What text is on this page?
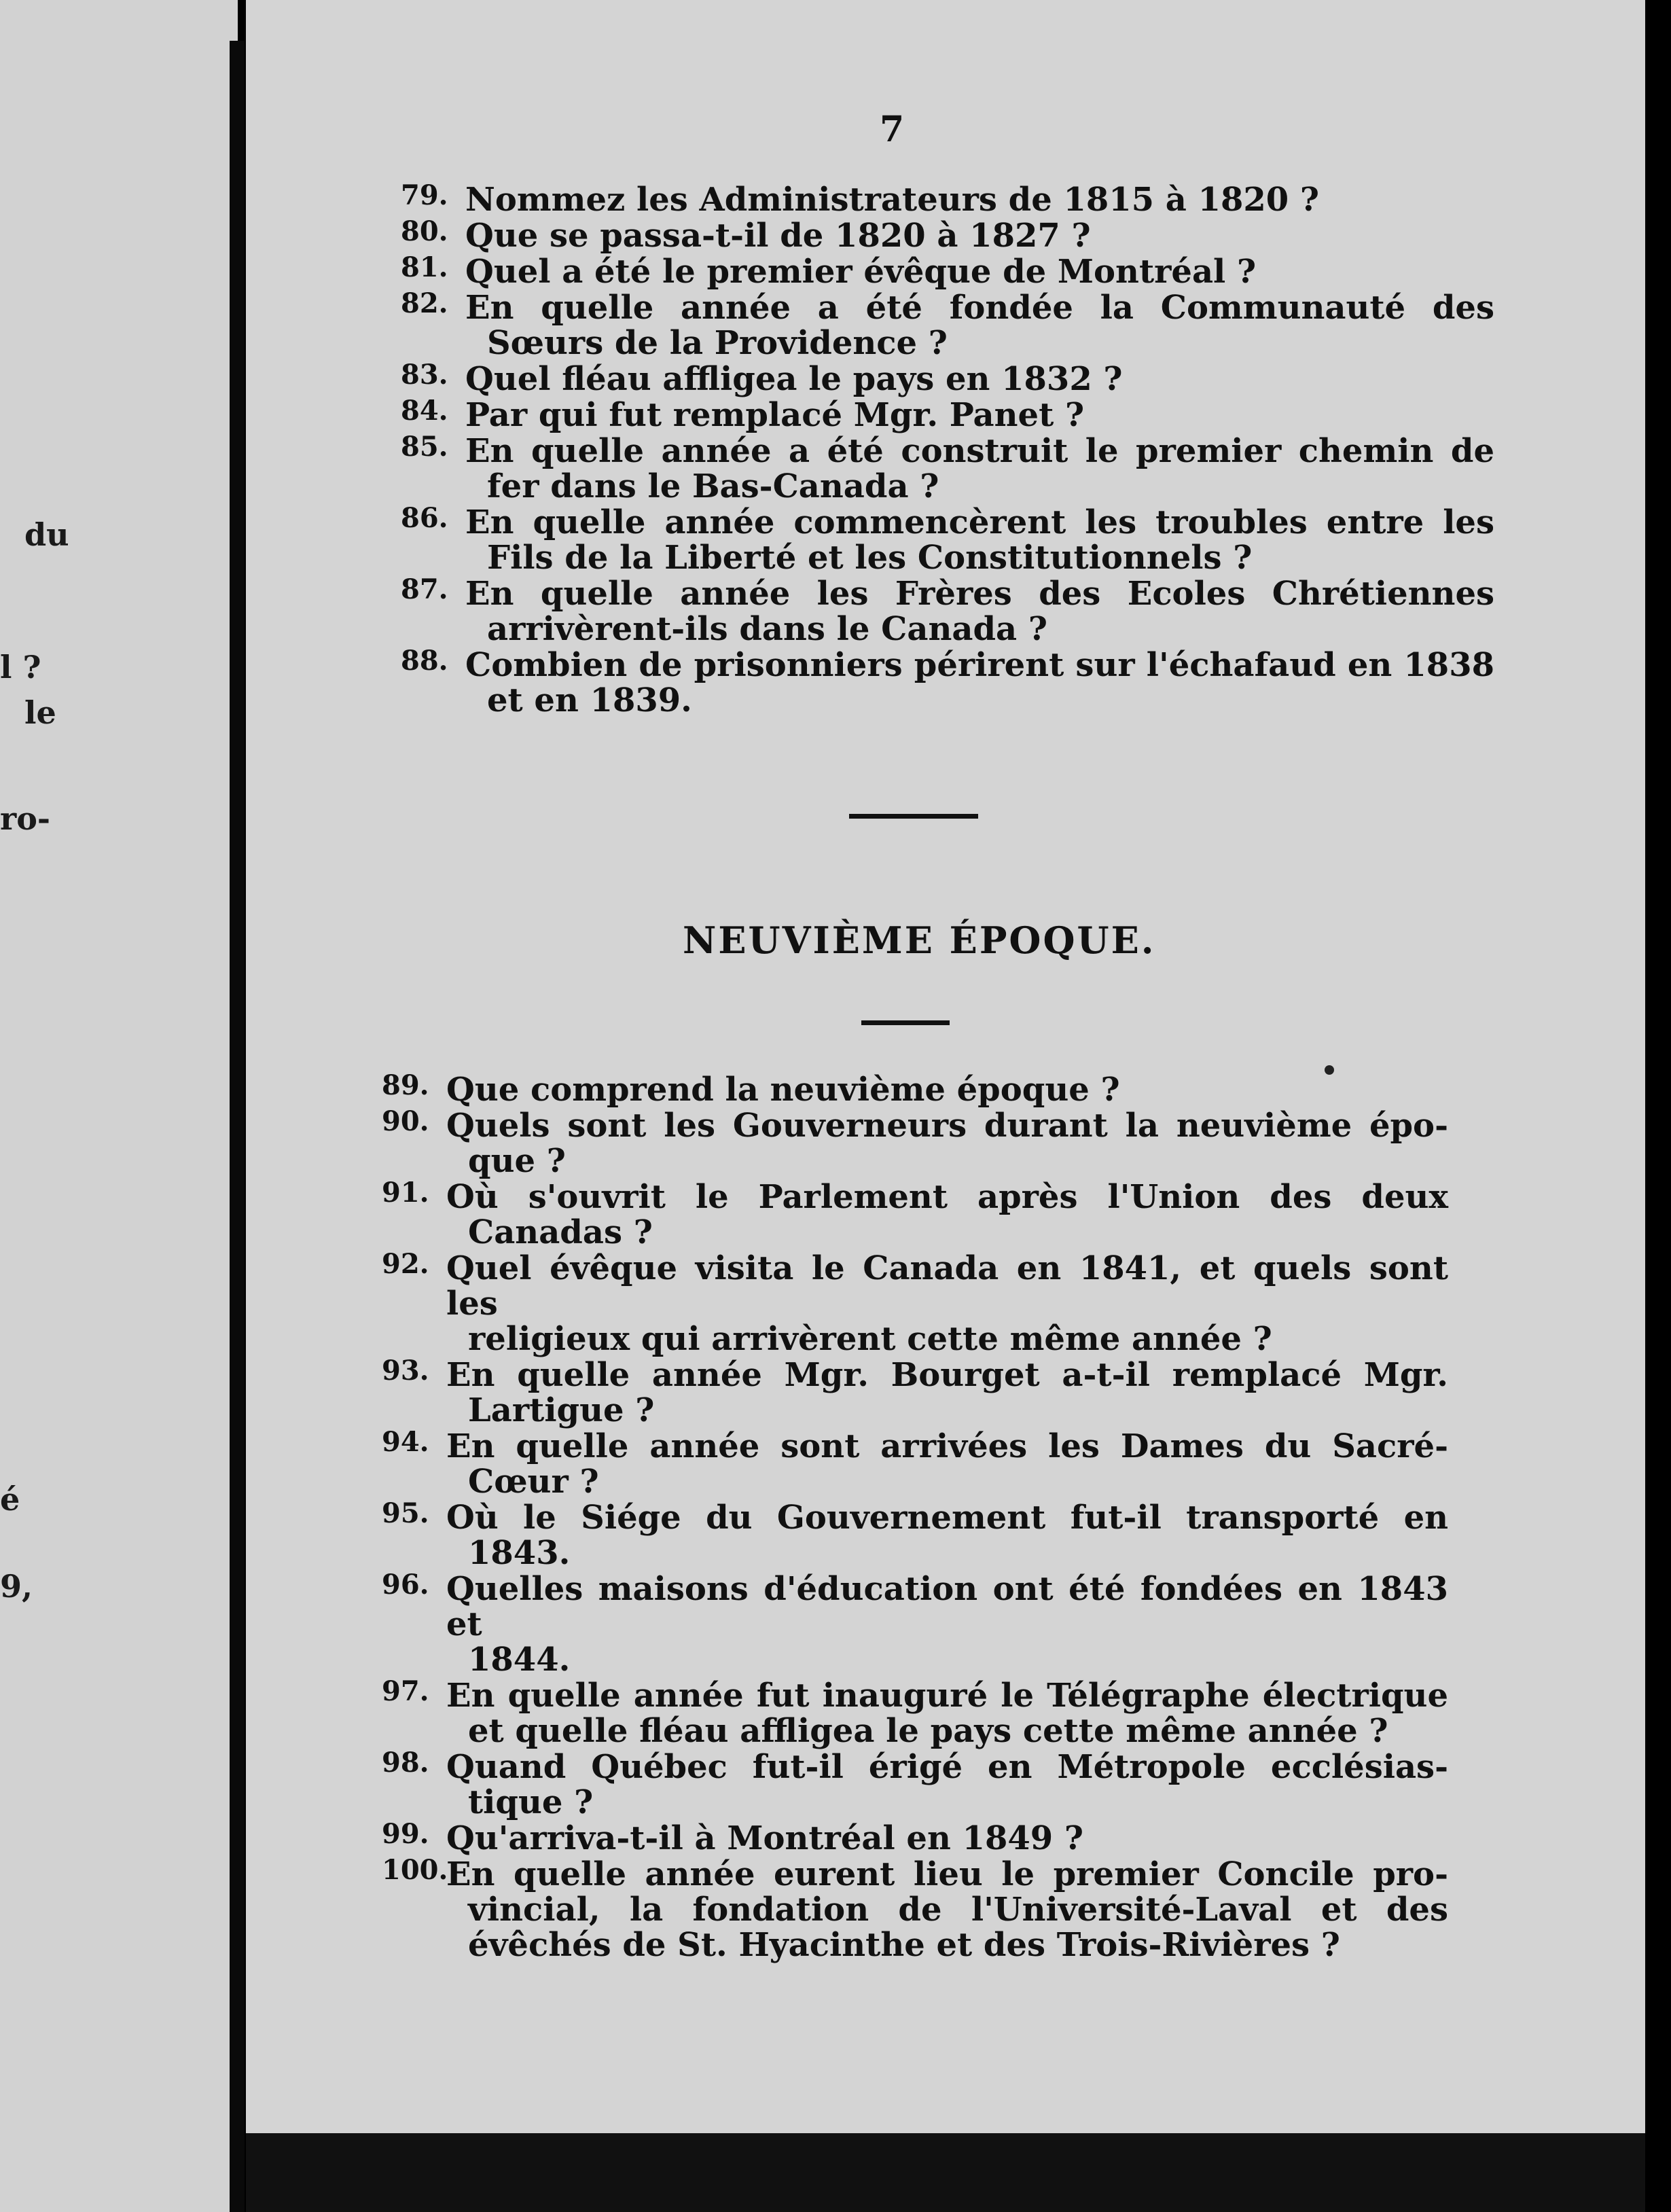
du
l ?
le
ro-
é
9,
7
79. Nommez les Administrateurs de 1815 à 1820 ?
80. Que se passa-t-il de 1820 à 1827 ?
81. Quel a été le premier évêque de Montréal ?
82. En quelle année a été fondée la Communauté des
Sœurs de la Providence ?
83. Quel fléau affligea le pays en 1832 ?
84. Par qui fut remplacé Mgr. Panet ?
85. En quelle année a été construit le premier chemin de
fer dans le Bas-Canada ?
86. En quelle année commencèrent les troubles entre les
Fils de la Liberté et les Constitutionnels ?
87. En quelle année les Frères des Ecoles Chrétiennes
arrivèrent-ils dans le Canada ?
88. Combien de prisonniers périrent sur l'échafaud en 1838
et en 1839.
NEUVIÈME ÉPOQUE.
89. Que comprend la neuvième époque ?
90. Quels sont les Gouverneurs durant la neuvième épo-
que ?
91. Où s'ouvrit le Parlement après l'Union des deux
Canadas ?
92. Quel évêque visita le Canada en 1841, et quels sont les
religieux qui arrivèrent cette même année ?
93. En quelle année Mgr. Bourget a-t-il remplacé Mgr.
Lartigue ?
94. En quelle année sont arrivées les Dames du Sacré-
Cœur ?
95. Où le Siége du Gouvernement fut-il transporté en
1843.
96. Quelles maisons d'éducation ont été fondées en 1843 et
1844.
97. En quelle année fut inauguré le Télégraphe électrique
et quelle fléau affligea le pays cette même année ?
98. Quand Québec fut-il érigé en Métropole ecclésias-
tique ?
99. Qu'arriva-t-il à Montréal en 1849 ?
100.
En quelle année eurent lieu le premier Concile pro-
vincial, la fondation de l'Université-Laval et des
évêchés de St. Hyacinthe et des Trois-Rivières ?
